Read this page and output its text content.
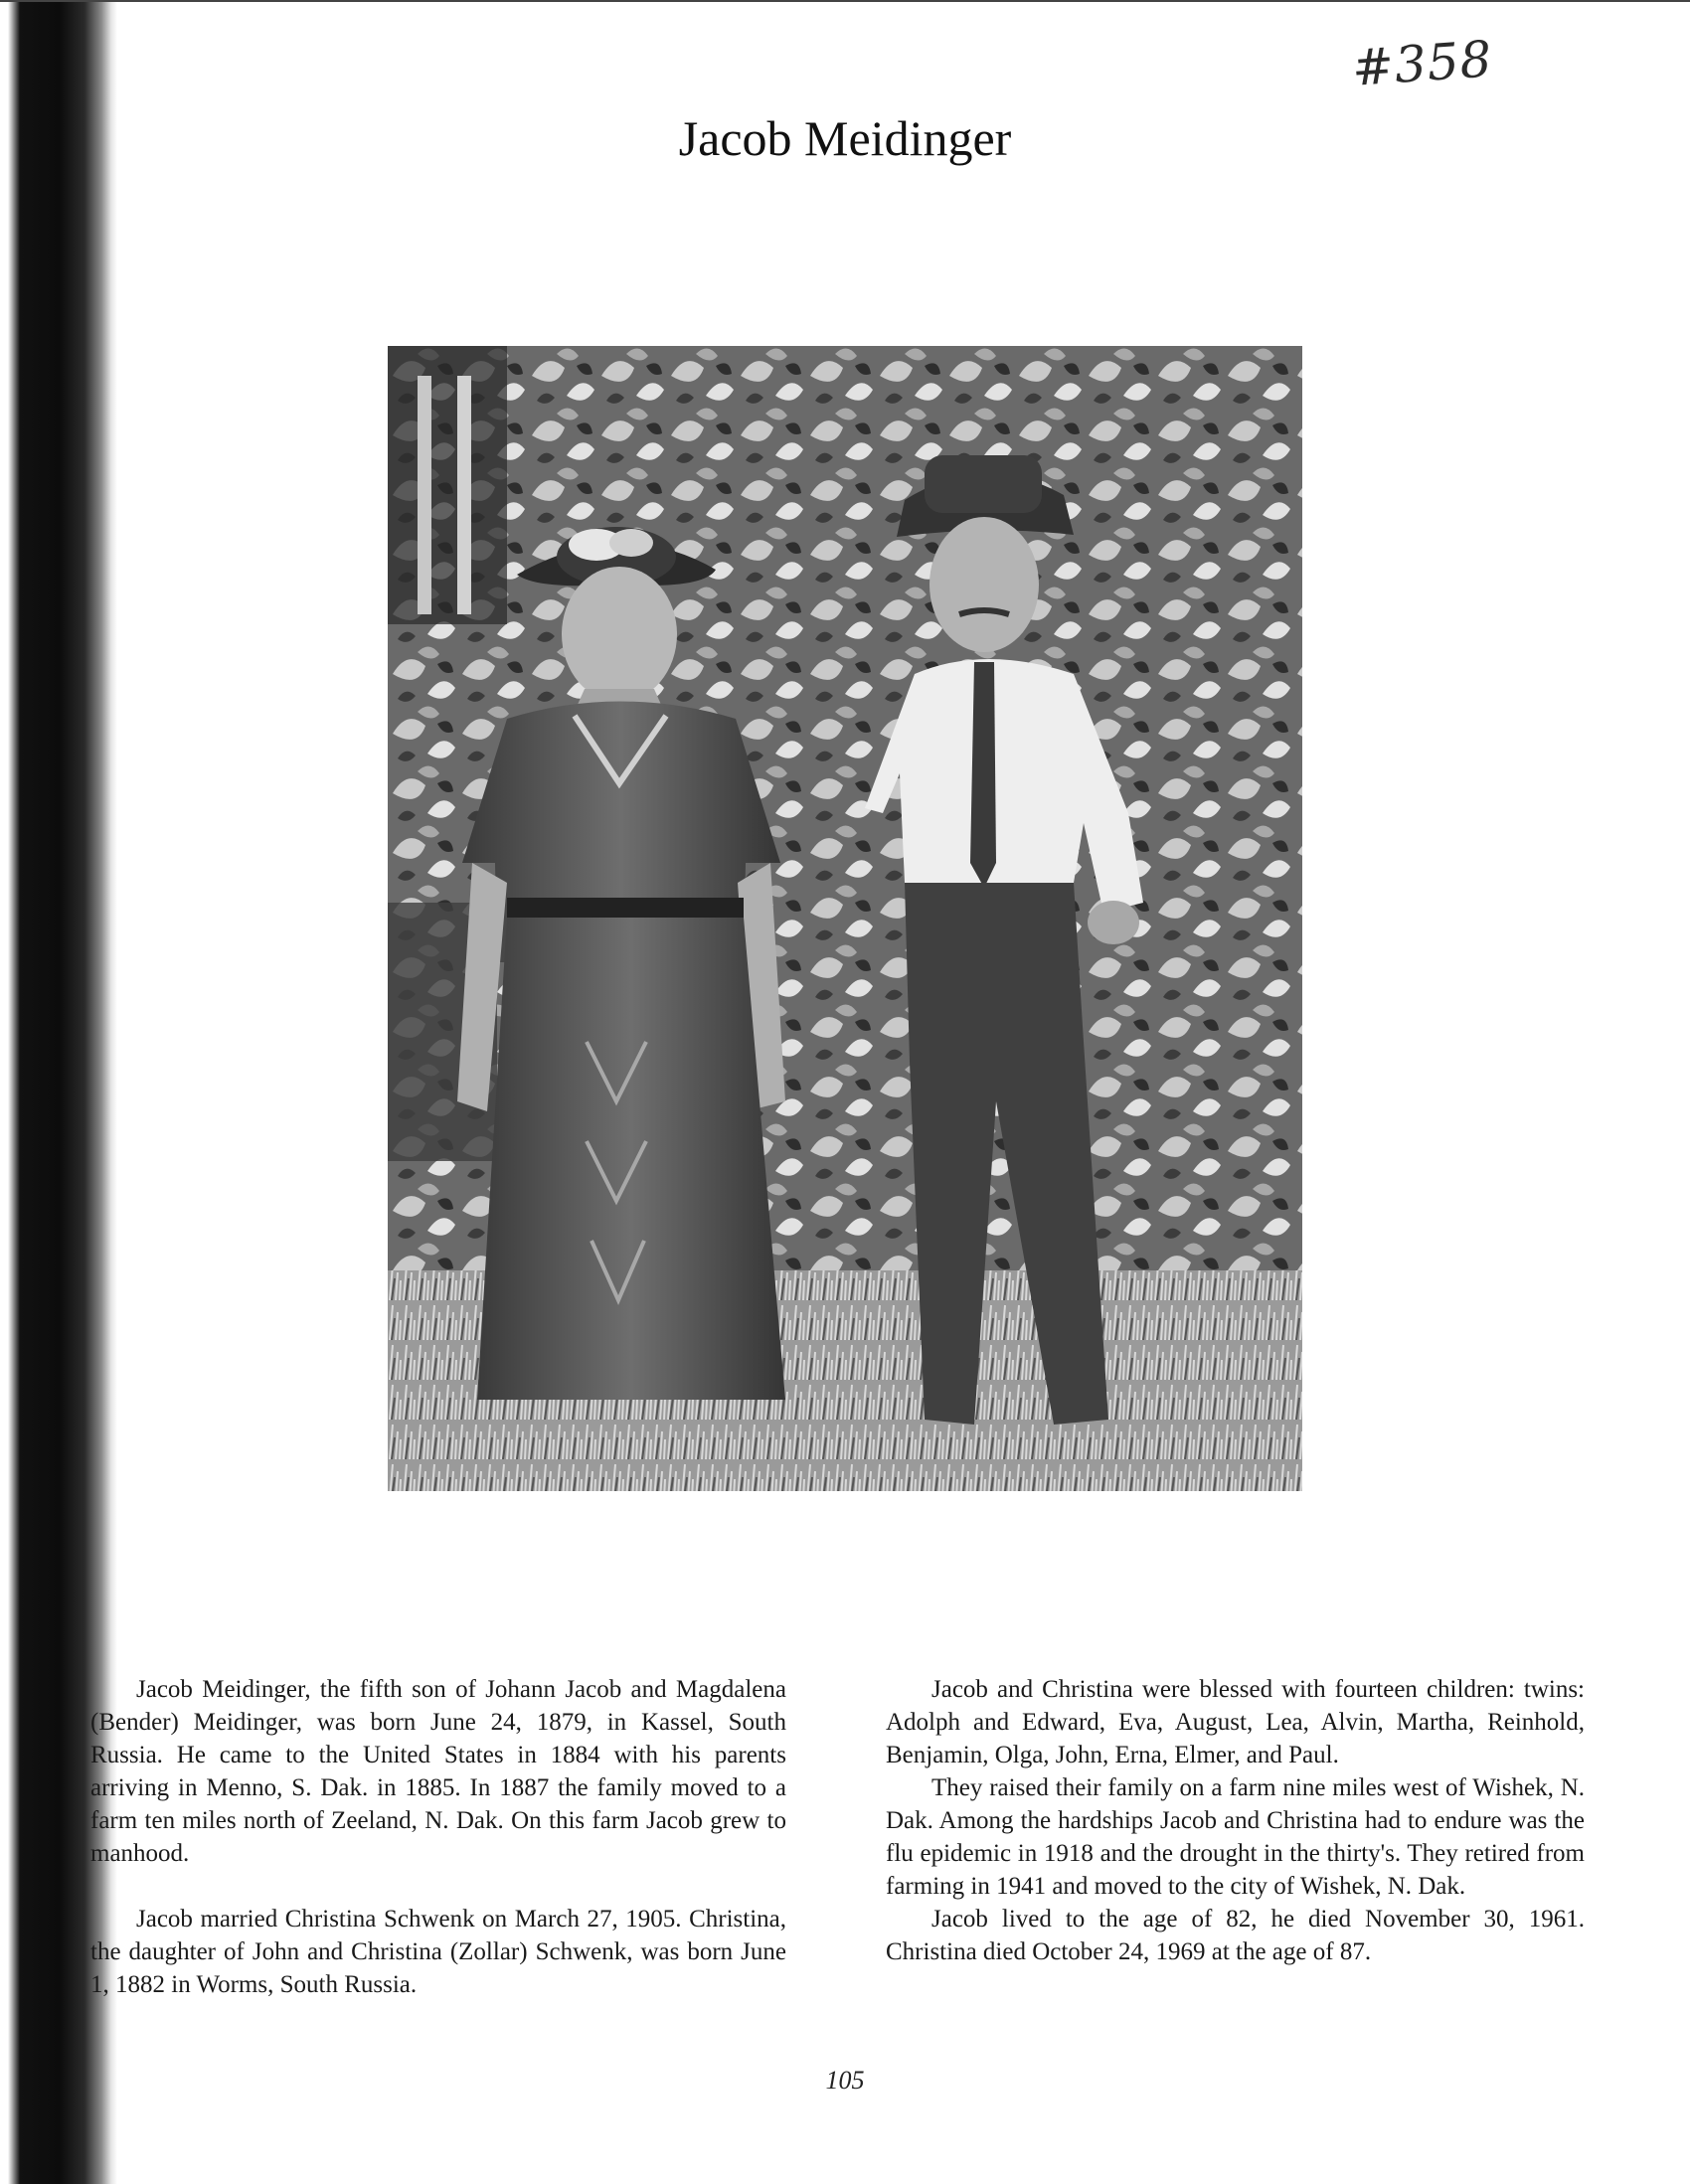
#358
Jacob Meidinger

Jacob Meidinger, the fifth son of Johann Jacob and Magdalena (Bender) Meidinger, was born June 24, 1879, in Kassel, South Russia. He came to the United States in 1884 with his parents arriving in Menno, S. Dak. in 1885. In 1887 the family moved to a farm ten miles north of Zeeland, N. Dak. On this farm Jacob grew to manhood.

Jacob married Christina Schwenk on March 27, 1905. Christina, the daughter of John and Christina (Zollar) Schwenk, was born June 1, 1882 in Worms, South Russia.

Jacob and Christina were blessed with fourteen children: twins: Adolph and Edward, Eva, August, Lea, Alvin, Martha, Reinhold, Benjamin, Olga, John, Erna, Elmer, and Paul.

They raised their family on a farm nine miles west of Wishek, N. Dak. Among the hardships Jacob and Christina had to endure was the flu epidemic in 1918 and the drought in the thirty's. They retired from farming in 1941 and moved to the city of Wishek, N. Dak.

Jacob lived to the age of 82, he died November 30, 1961. Christina died October 24, 1969 at the age of 87.

105
